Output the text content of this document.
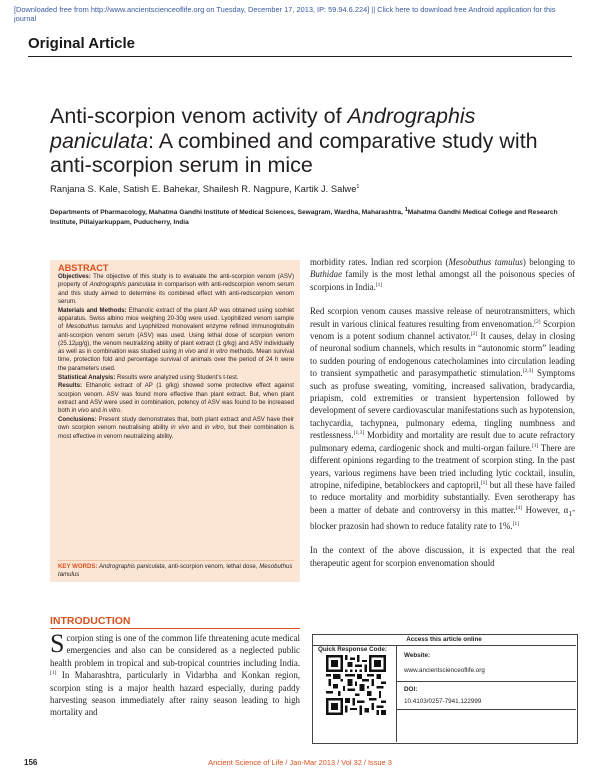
[Downloaded free from http://www.ancientscienceoflife.org on Tuesday, December 17, 2013, IP: 59.94.6.224] || Click here to download free Android application for this
journal
Original Article
Anti-scorpion venom activity of Andrographis paniculata: A combined and comparative study with anti-scorpion serum in mice
Ranjana S. Kale, Satish E. Bahekar, Shailesh R. Nagpure, Kartik J. Salwe$^1$
Departments of Pharmacology, Mahatma Gandhi Institute of Medical Sciences, Sewagram, Wardha, Maharashtra, $^1$Mahatma Gandhi Medical College and Research Institute, Pillaiyarkuppam, Puducherry, India
ABSTRACT

Objectives: The objective of this study is to evaluate the anti-scorpion venom (ASV) property of Andrographis paniculata in comparison with anti-redscorpion venom serum and this study aimed to determine its combined effect with anti-redscorpion venom serum.

Materials and Methods: Ethanolic extract of the plant AP was obtained using soxhlet apparatus. Swiss albino mice weighing 20-30g were used. Lyophilized venom sample of Mesobuthus tamulus and Lyophilized monovalent enzyme refined immunoglobulin anti-scorpion venom serum (ASV) was used. Using lethal dose of scorpion venom (25.12µg/g), the venom neutralizing ability of plant extract (1 g/kg) and ASV individually as well as in combination was studied using in vivo and in vitro methods. Mean survival time, protection fold and percentage survival of animals over the period of 24 h were the parameters used.

Statistical Analysis: Results were analyzed using Student’s t-test.

Results: Ethanolic extract of AP (1 g/kg) showed some protective effect against scorpion venom. ASV was found more effective than plant extract. But, when plant extract and ASV were used in combination, potency of ASV was found to be increased both in vivo and in vitro.

Conclusions: Present study demonstrates that, both plant extract and ASV have their own scorpion venom neutralising ability in vivo and in vitro, but their combination is most effective in venom neutralizing ability.

KEY WORDS: Andrographis paniculata, anti-scorpion venom, lethal dose, Mesobuthus tamulus
INTRODUCTION
Scorpion sting is one of the common life threatening acute medical emergencies and also can be considered as a neglected public health problem in tropical and sub-tropical countries including India.[1] In Maharashtra, particularly in Vidarbha and Konkan region, scorpion sting is a major health hazard especially, during paddy harvesting season immediately after rainy season leading to high mortality and

morbidity rates. Indian red scorpion (Mesobuthus tamulus) belonging to Buthidae family is the most lethal amongst all the poisonous species of scorpions in India.[1]

Red scorpion venom causes massive release of neurotransmitters, which result in various clinical features resulting from envenomation.[2] Scorpion venom is a potent sodium channel activator.[2] It causes, delay in closing of neuronal sodium channels, which results in “autonomic storm” leading to sudden pouring of endogenous catecholamines into circulation leading to transient sympathetic and parasympathetic stimulation.[2,3] Symptoms such as profuse sweating, vomiting, increased salivation, bradycardia, priapism, cold extremities or transient hypertension followed by development of severe cardiovascular manifestations such as hypotension, tachycardia, tachypnea, pulmonary edema, tingling numbness and restlessness.[1,3] Morbidity and mortality are result due to acute refractory pulmonary edema, cardiogenic shock and multi-organ failure.[1] There are different opinions regarding to the treatment of scorpion sting. In the past years, various regimens have been tried including lytic cocktail, insulin, atropine, nifedipine, betablockers and captopril,[1] but all these have failed to reduce mortality and morbidity substantially. Even serotherapy has been a matter of debate and controversy in this matter.[4] However, $\alpha_1$-blocker prazosin had shown to reduce fatality rate to 1%.[1]

In the context of the above discussion, it is expected that the real therapeutic agent for scorpion envenomation should

Access this article online
Quick Response Code:
Website:
www.ancientscienceoflife.org
DOI:
10.4103/0257-7941.122999
156	Ancient Science of Life / Jan-Mar 2013 / Vol 32 / Issue 3
